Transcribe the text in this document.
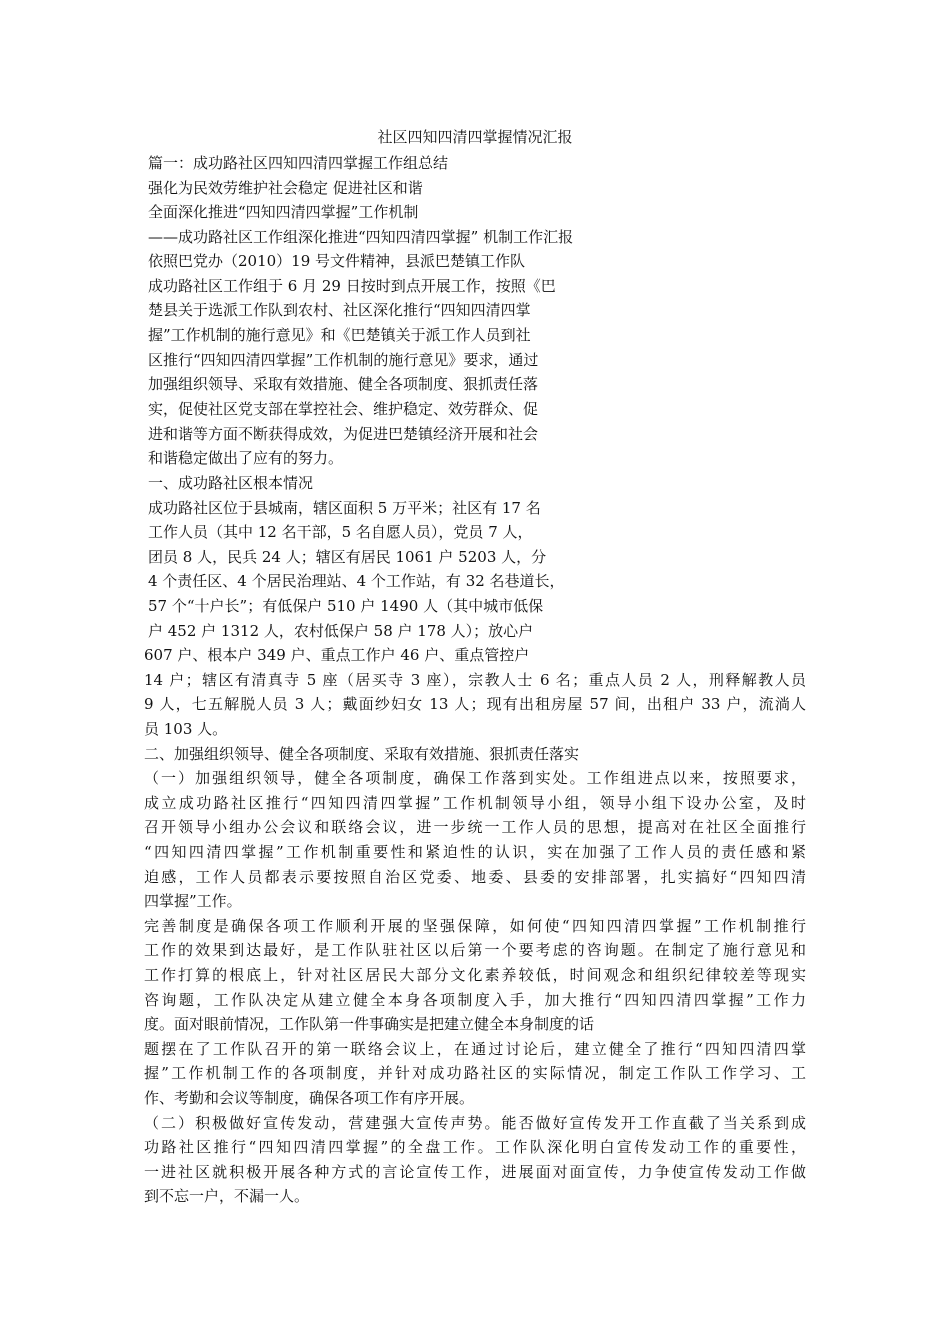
社区四知四清四掌握情况汇报
篇一：成功路社区四知四清四掌握工作组总结
强化为民效劳维护社会稳定 促进社区和谐
全面深化推进“四知四清四掌握”工作机制
——成功路社区工作组深化推进“四知四清四掌握” 机制工作汇报
依照巴党办（2010）19 号文件精神，县派巴楚镇工作队
成功路社区工作组于 6 月 29 日按时到点开展工作，按照《巴
楚县关于选派工作队到农村、社区深化推行“四知四清四掌
握”工作机制的施行意见》和《巴楚镇关于派工作人员到社
区推行“四知四清四掌握”工作机制的施行意见》要求，通过
加强组织领导、采取有效措施、健全各项制度、狠抓责任落
实，促使社区党支部在掌控社会、维护稳定、效劳群众、促
进和谐等方面不断获得成效，为促进巴楚镇经济开展和社会
和谐稳定做出了应有的努力。
一、成功路社区根本情况
成功路社区位于县城南，辖区面积 5 万平米；社区有 17 名
工作人员（其中 12 名干部，5 名自愿人员），党员 7 人，
团员 8 人，民兵 24 人；辖区有居民 1061 户 5203 人，分
4 个责任区、4 个居民治理站、4 个工作站，有 32 名巷道长，
57 个“十户长”；有低保户 510 户 1490 人（其中城市低保
户 452 户 1312 人，农村低保户 58 户 178 人）；放心户
607 户、根本户 349 户、重点工作户 46 户、重点管控户
14 户；辖区有清真寺 5 座（居买寺 3 座），宗教人士 6 名；重点人员 2 人，刑释解教人员
9 人，七五解脱人员 3 人；戴面纱妇女 13 人；现有出租房屋 57 间，出租户 33 户，流淌人
员 103 人。
二、加强组织领导、健全各项制度、采取有效措施、狠抓责任落实
（一）加强组织领导，健全各项制度，确保工作落到实处。工作组进点以来，按照要求，
成立成功路社区推行“四知四清四掌握”工作机制领导小组，领导小组下设办公室，及时
召开领导小组办公会议和联络会议，进一步统一工作人员的思想，提高对在社区全面推行
“四知四清四掌握”工作机制重要性和紧迫性的认识，实在加强了工作人员的责任感和紧
迫感，工作人员都表示要按照自治区党委、地委、县委的安排部署，扎实搞好“四知四清
四掌握”工作。
完善制度是确保各项工作顺利开展的坚强保障，如何使“四知四清四掌握”工作机制推行
工作的效果到达最好，是工作队驻社区以后第一个要考虑的咨询题。在制定了施行意见和
工作打算的根底上，针对社区居民大部分文化素养较低，时间观念和组织纪律较差等现实
咨询题，工作队决定从建立健全本身各项制度入手，加大推行“四知四清四掌握”工作力
度。面对眼前情况，工作队第一件事确实是把建立健全本身制度的话
题摆在了工作队召开的第一联络会议上，在通过讨论后，建立健全了推行“四知四清四掌
握”工作机制工作的各项制度，并针对成功路社区的实际情况，制定工作队工作学习、工
作、考勤和会议等制度，确保各项工作有序开展。
（二）积极做好宣传发动，营建强大宣传声势。能否做好宣传发开工作直截了当关系到成
功路社区推行“四知四清四掌握”的全盘工作。工作队深化明白宣传发动工作的重要性，
一进社区就积极开展各种方式的言论宣传工作，进展面对面宣传，力争使宣传发动工作做
到不忘一户，不漏一人。
